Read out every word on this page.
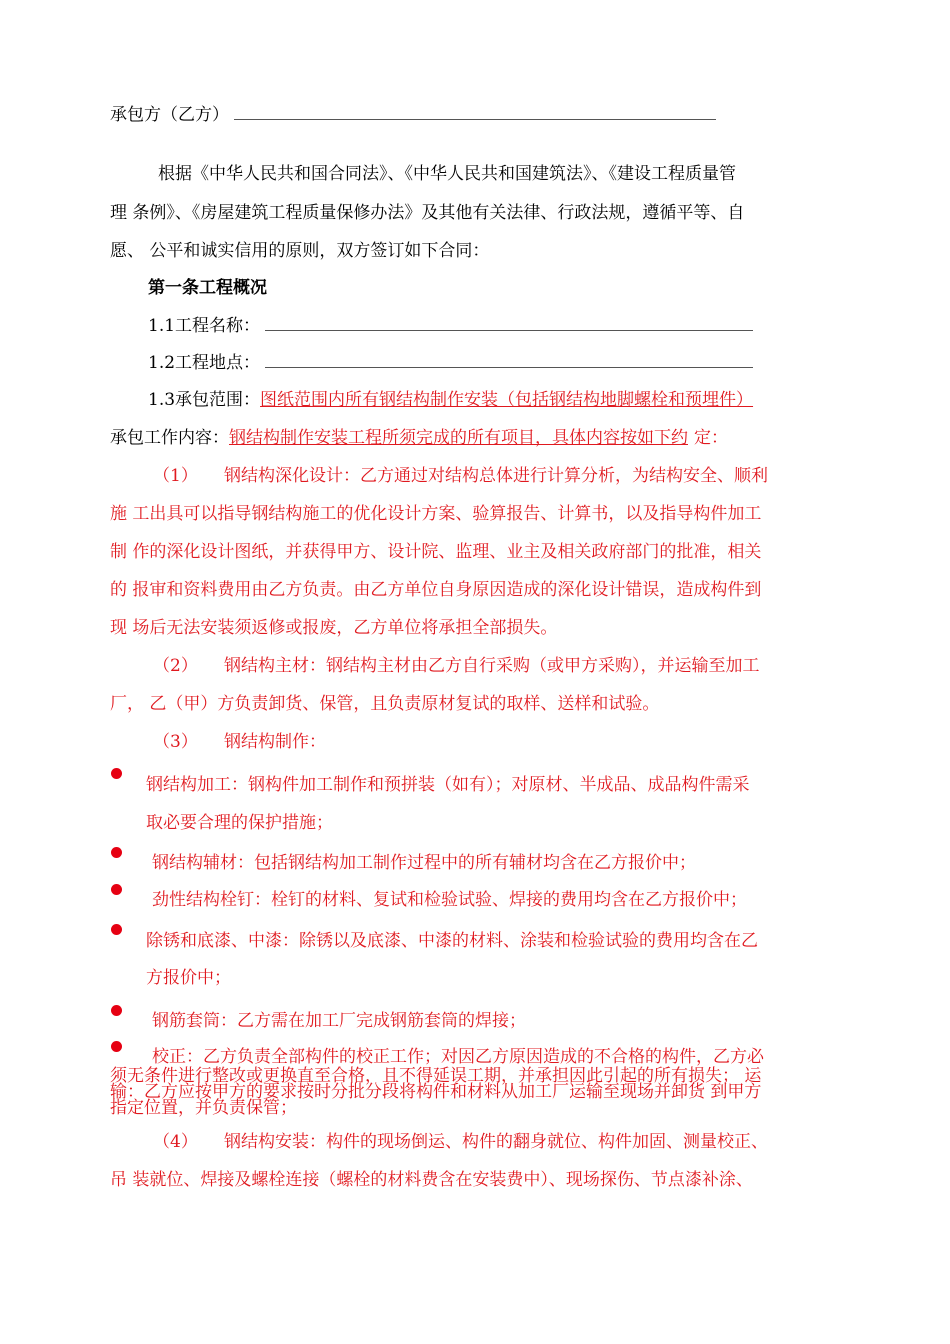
承包方（乙方）
根据《中华人民共和国合同法》、《中华人民共和国建筑法》、《建设工程质量管
理 条例》、《房屋建筑工程质量保修办法》及其他有关法律、行政法规，遵循平等、自
愿、 公平和诚实信用的原则，双方签订如下合同：
第一条工程概况
1.1工程名称：
1.2工程地点：
1.3承包范围：图纸范围内所有钢结构制作安装（包括钢结构地脚螺栓和预埋件）
承包工作内容：钢结构制作安装工程所须完成的所有项目，具体内容按如下约 定：
（1） 钢结构深化设计：乙方通过对结构总体进行计算分析，为结构安全、顺利
施 工出具可以指导钢结构施工的优化设计方案、验算报告、计算书，以及指导构件加工
制 作的深化设计图纸，并获得甲方、设计院、监理、业主及相关政府部门的批准，相关
的 报审和资料费用由乙方负责。由乙方单位自身原因造成的深化设计错误，造成构件到
现 场后无法安装须返修或报废，乙方单位将承担全部损失。
（2） 钢结构主材：钢结构主材由乙方自行采购（或甲方采购），并运输至加工
厂， 乙（甲）方负责卸货、保管，且负责原材复试的取样、送样和试验。
（3） 钢结构制作：
钢结构加工：钢构件加工制作和预拼装（如有）；对原材、半成品、成品构件需采
取必要合理的保护措施；
钢结构辅材：包括钢结构加工制作过程中的所有辅材均含在乙方报价中；
劲性结构栓钉：栓钉的材料、复试和检验试验、焊接的费用均含在乙方报价中；
除锈和底漆、中漆：除锈以及底漆、中漆的材料、涂装和检验试验的费用均含在乙
方报价中；
钢筋套筒：乙方需在加工厂完成钢筋套筒的焊接；
校正：乙方负责全部构件的校正工作；对因乙方原因造成的不合格的构件，乙方必
须无条件进行整改或更换直至合格，且不得延误工期，并承担因此引起的所有损失； 运
输：乙方应按甲方的要求按时分批分段将构件和材料从加工厂运输至现场并卸货 到甲方
指定位置，并负责保管；
（4） 钢结构安装：构件的现场倒运、构件的翻身就位、构件加固、测量校正、
吊 装就位、焊接及螺栓连接（螺栓的材料费含在安装费中）、现场探伤、节点漆补涂、
